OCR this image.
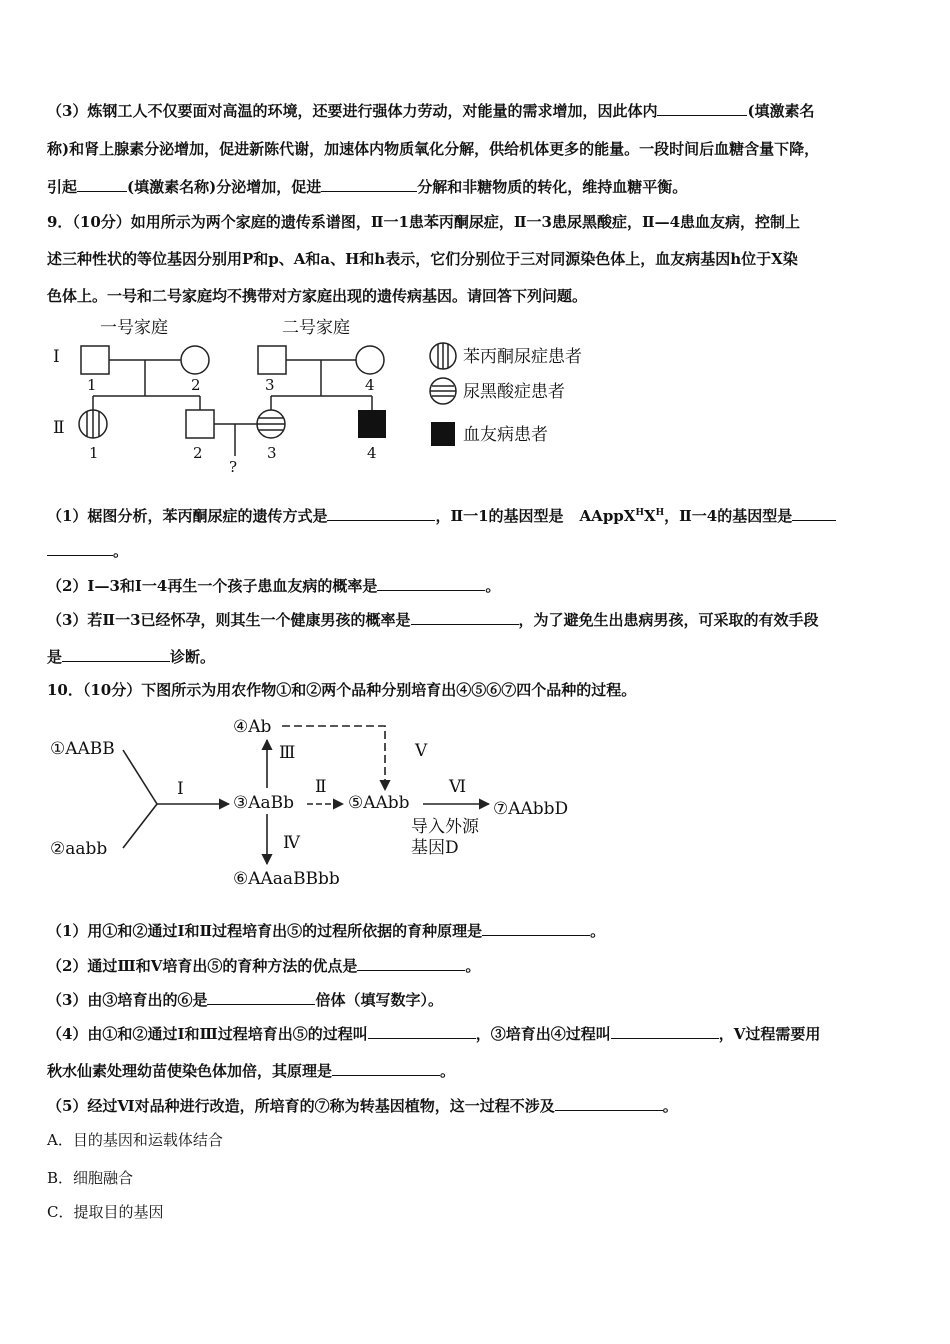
（3）炼钢工人不仅要面对高温的环境，还要进行强体力劳动，对能量的需求增加，因此体内	(填激素名
称)和肾上腺素分泌增加，促进新陈代谢，加速体内物质氧化分解，供给机体更多的能量。一段时间后血糖含量下降，
引起	(填激素名称)分泌增加，促进	分解和非糖物质的转化，维持血糖平衡。
9．（10分）如用所示为两个家庭的遗传系谱图，Ⅱ一1患苯丙酮尿症，Ⅱ一3患尿黑酸症，Ⅱ—4患血友病，控制上
述三种性状的等位基因分别用P和p、A和a、H和h表示，它们分别位于三对同源染色体上，血友病基因h位于X染
色体上。一号和二号家庭均不携带对方家庭出现的遗传病基因。请回答下列问题。
一号家庭	二号家庭
Ⅰ
Ⅱ
1	2	3	4
1	2	3	4
?
苯丙酮尿症患者
尿黑酸症患者
血友病患者
（1）椐图分析，苯丙酮尿症的遗传方式是	，Ⅱ一1的基因型是 $AAppX^HX^H$，Ⅱ一4的基因型是
。
（2）Ⅰ—3和Ⅰ一4再生一个孩子患血友病的概率是	。
（3）若Ⅱ一3已经怀孕，则其生一个健康男孩的概率是	，为了避免生出患病男孩，可采取的有效手段
是	诊断。
10．（10分）下图所示为用农作物①和②两个品种分别培育出④⑤⑥⑦四个品种的过程。
①AABB
②aabb
③AaBb
④Ab
⑤AAbb
⑥AAaaBBbb
⑦AAbbD
Ⅰ	Ⅱ
Ⅲ
Ⅳ
Ⅴ
Ⅵ
导入外源
基因D
（1）用①和②通过Ⅰ和Ⅱ过程培育出⑤的过程所依据的育种原理是	。
（2）通过Ⅲ和Ⅴ培育出⑤的育种方法的优点是	。
（3）由③培育出的⑥是	倍体（填写数字）。
（4）由①和②通过Ⅰ和Ⅲ过程培育出⑤的过程叫	，③培育出④过程叫	，Ⅴ过程需要用
秋水仙素处理幼苗使染色体加倍，其原理是	。
（5）经过Ⅵ对品种进行改造，所培育的⑦称为转基因植物，这一过程不涉及	。
A．目的基因和运载体结合
B．细胞融合
C．提取目的基因
